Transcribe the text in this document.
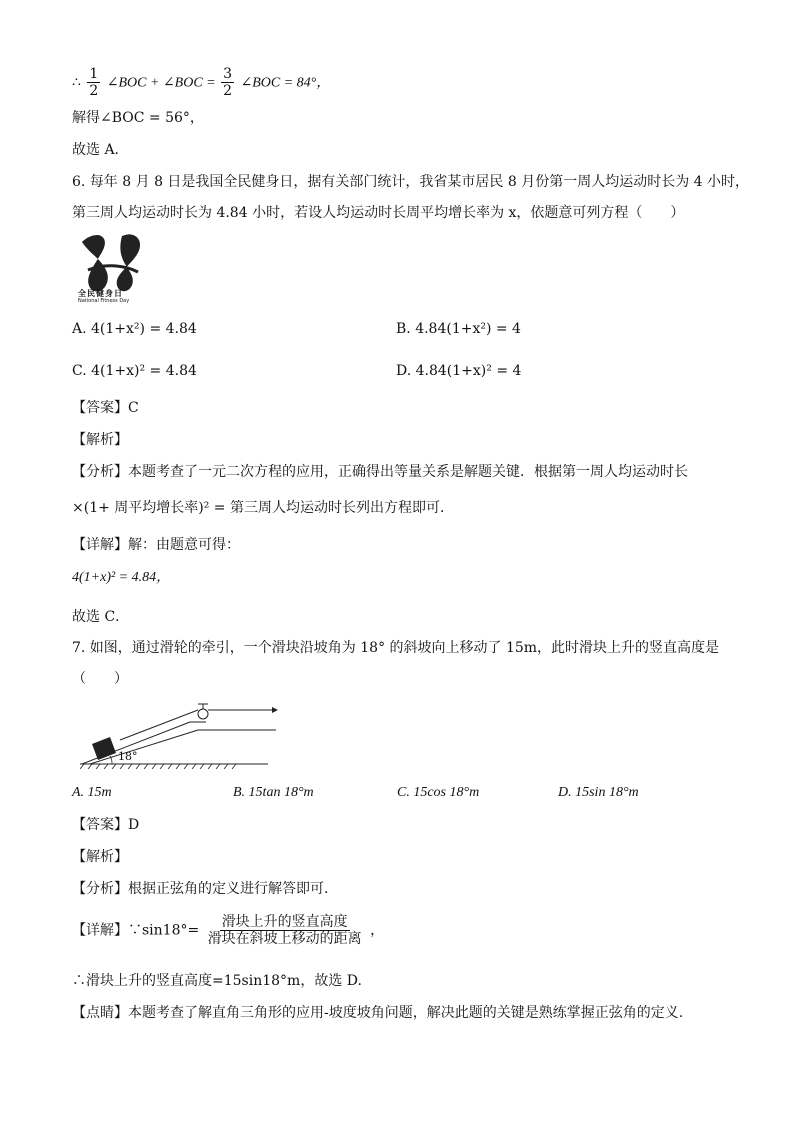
∴ $\frac{1}{2}$ ∠BOC + ∠BOC = $\frac{3}{2}$ ∠BOC = 84°，
解得∠BOC = 56°，
故选 A．
6. 每年 8 月 8 日是我国全民健身日，据有关部门统计，我省某市居民 8 月份第一周人均运动时长为 4 小时，
第三周人均运动时长为 4.84 小时，若设人均运动时长周平均增长率为 x，依题意可列方程（　　）
全民健身日
National Fitness Day
A. 4(1+x²) = 4.84	B. 4.84(1+x²) = 4
C. 4(1+x)² = 4.84	D. 4.84(1+x)² = 4
【答案】C
【解析】
【分析】本题考查了一元二次方程的应用，正确得出等量关系是解题关键．根据第一周人均运动时长
×(1+ 周平均增长率)² = 第三周人均运动时长列出方程即可．
【详解】解：由题意可得：
4(1+x)² = 4.84，
故选 C．
7. 如图，通过滑轮的牵引，一个滑块沿坡角为 18° 的斜坡向上移动了 15m，此时滑块上升的竖直高度是
（　　）
18°
A. 15m	B. 15tan 18°m	C. 15cos 18°m	D. 15sin 18°m
【答案】D
【解析】
【分析】根据正弦角的定义进行解答即可.
【详解】∵sin18°= $\frac{\text{滑块上升的竖直高度}}{\text{滑块在斜坡上移动的距离}}$ ，
∴滑块上升的竖直高度=15sin18°m，故选 D.
【点睛】本题考查了解直角三角形的应用-坡度坡角问题，解决此题的关键是熟练掌握正弦角的定义.
